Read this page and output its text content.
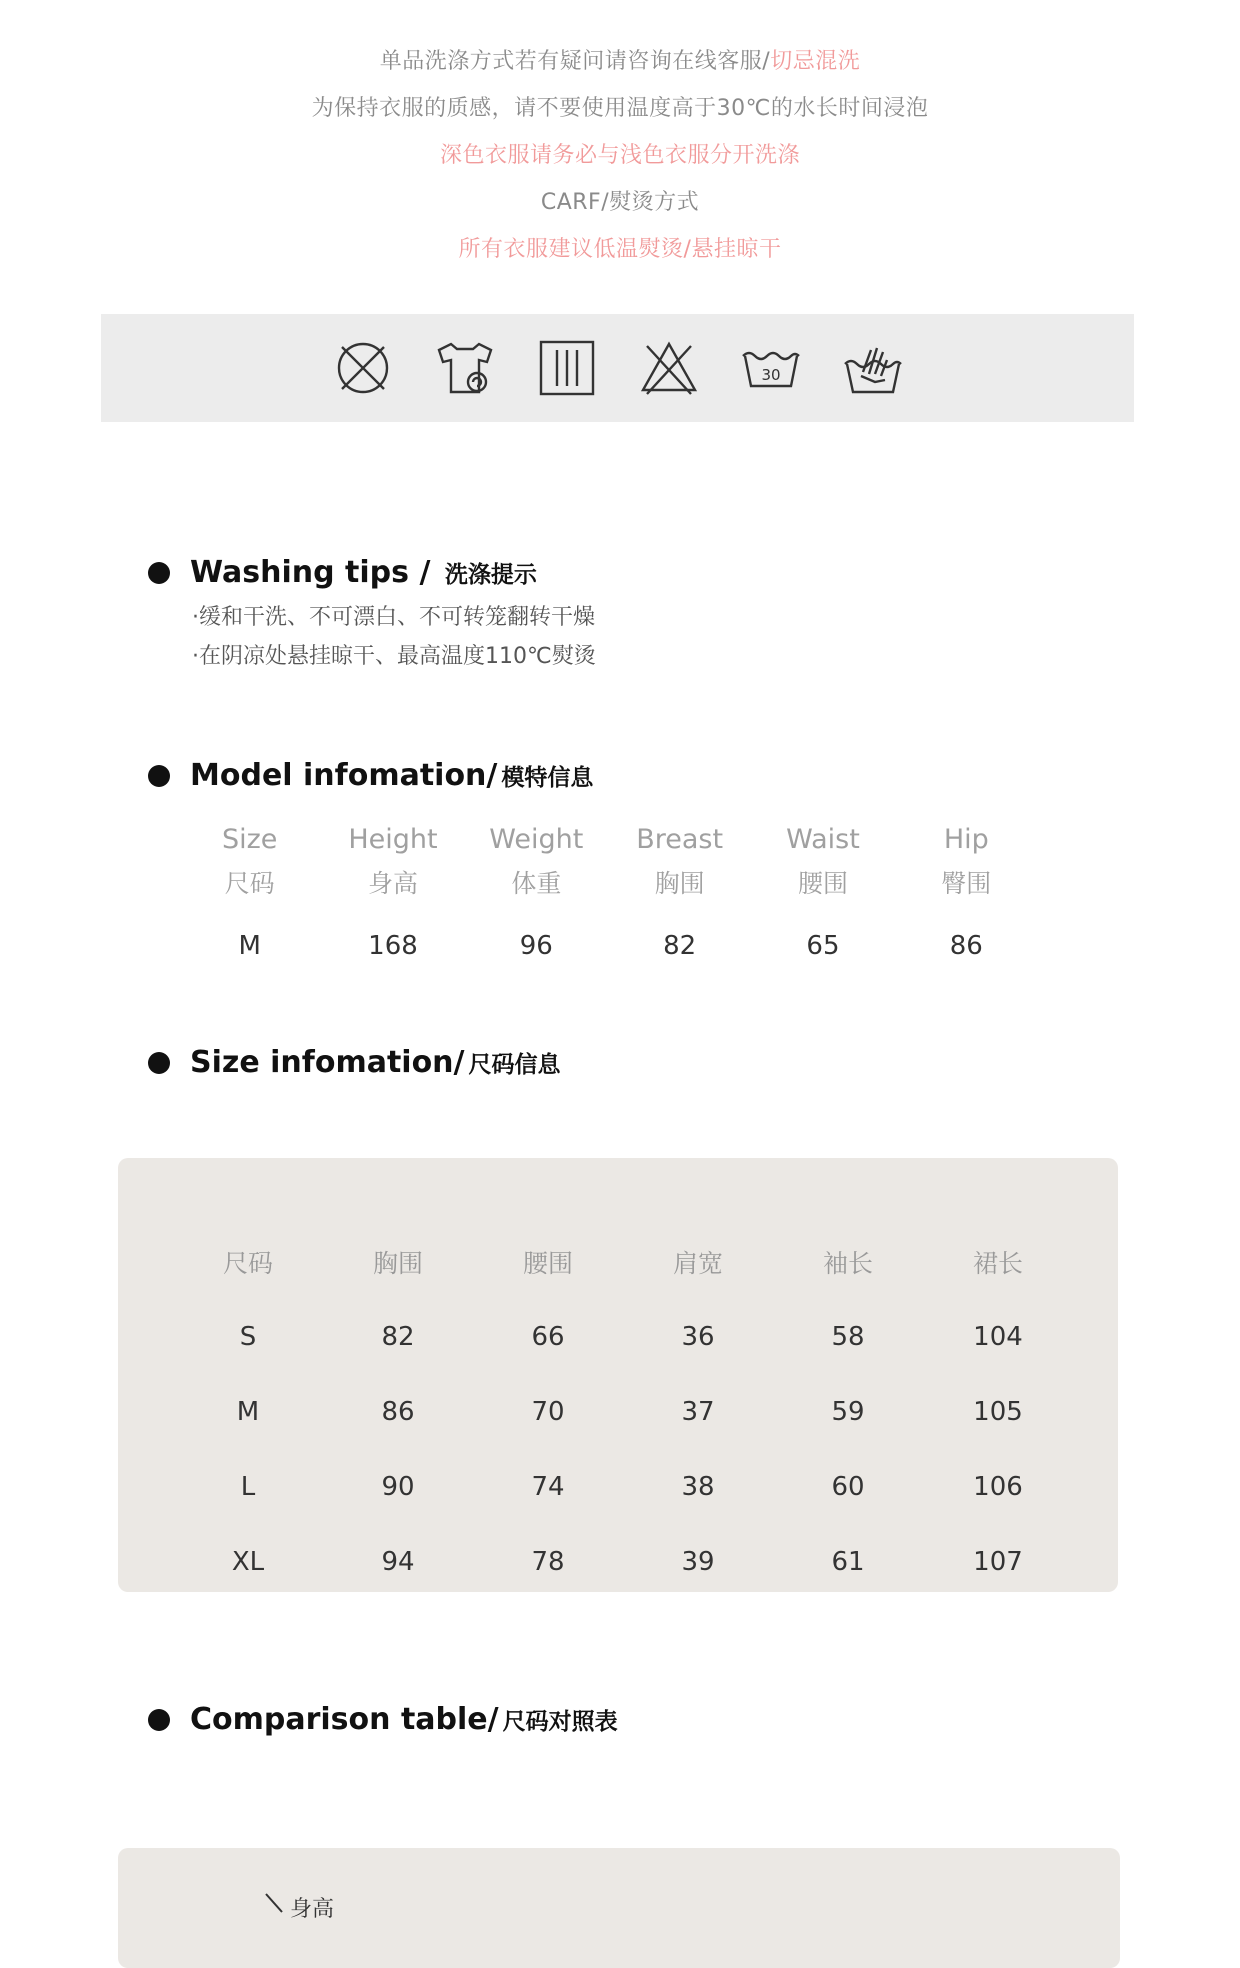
单品洗涤方式若有疑问请咨询在线客服/切忌混洗
为保持衣服的质感，请不要使用温度高于30℃的水长时间浸泡
深色衣服请务必与浅色衣服分开洗涤
CARF/熨烫方式
所有衣服建议低温熨烫/悬挂晾干
30
Washing tips / 洗涤提示
·缓和干洗、不可漂白、不可转笼翻转干燥
·在阴凉处悬挂晾干、最高温度110℃熨烫
Model infomation / 模特信息
Size	Height	Weight	Breast	Waist	Hip
尺码	身高	体重	胸围	腰围	臀围
M	168	96	82	65	86
Size infomation / 尺码信息
尺码	胸围	腰围	肩宽	袖长	裙长
S	82	66	36	58	104
M	86	70	37	59	105
L	90	74	38	60	106
XL	94	78	39	61	107
Comparison table / 尺码对照表
身高
